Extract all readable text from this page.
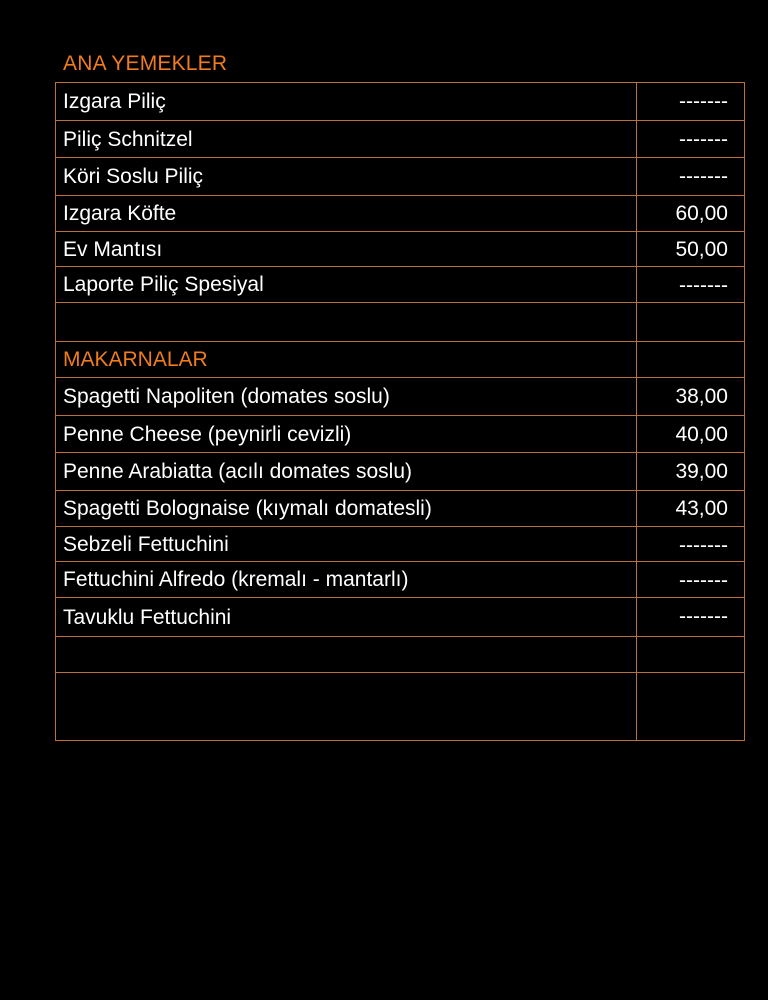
ANA YEMEKLER
Izgara Piliç	-------
Piliç Schnitzel	-------
Köri Soslu Piliç	-------
Izgara Köfte	60,00
Ev Mantısı	50,00
Laporte Piliç Spesiyal	-------

MAKARNALAR	
Spagetti Napoliten (domates soslu)	38,00
Penne Cheese (peynirli cevizli)	40,00
Penne Arabiatta (acılı domates soslu)	39,00
Spagetti Bolognaise (kıymalı domatesli)	43,00
Sebzeli Fettuchini	-------
Fettuchini Alfredo (kremalı - mantarlı)	-------
Tavuklu Fettuchini	-------
